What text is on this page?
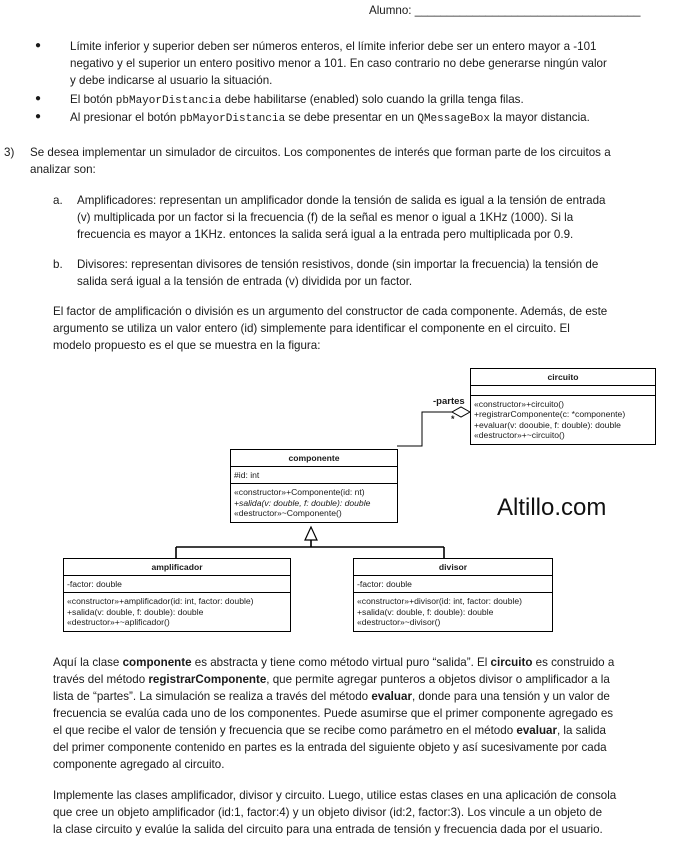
Alumno: ___________________________________
● Límite inferior y superior deben ser números enteros, el límite inferior debe ser un entero mayor a -101
negativo y el superior un entero positivo menor a 101. En caso contrario no debe generarse ningún valor
y debe indicarse al usuario la situación.
● El botón pbMayorDistancia debe habilitarse (enabled) solo cuando la grilla tenga filas.
● Al presionar el botón pbMayorDistancia se debe presentar en un QMessageBox la mayor distancia.
3) Se desea implementar un simulador de circuitos. Los componentes de interés que forman parte de los circuitos a
analizar son:
a. Amplificadores: representan un amplificador donde la tensión de salida es igual a la tensión de entrada
(v) multiplicada por un factor si la frecuencia (f) de la señal es menor o igual a 1KHz (1000). Si la
frecuencia es mayor a 1KHz. entonces la salida será igual a la entrada pero multiplicada por 0.9.
b. Divisores: representan divisores de tensión resistivos, donde (sin importar la frecuencia) la tensión de
salida será igual a la tensión de entrada (v) dividida por un factor.
El factor de amplificación o división es un argumento del constructor de cada componente. Además, de este
argumento se utiliza un valor entero (id) simplemente para identificar el componente en el circuito. El
modelo propuesto es el que se muestra en la figura:
-partes
*
circuito
«constructor»+circuito()
+registrarComponente(c: *componente)
+evaluar(v: dooubie, f: double): double
«destructor»+~circuito()
componente
#id: int
«constructor»+Componente(id: nt)
+salida(v: double, f: double): double
«destructor»~Componente()	Altillo.com
amplificador
-factor: double
«constructor»+amplificador(id: int, factor: double)
+salida(v: double, f: double): double
«destructor»+~aplificador()
divisor
-factor: double
«constructor»+divisor(id: int, factor: double)
+salida(v: double, f: double): double
«destructor»~divisor()
Aquí la clase componente es abstracta y tiene como método virtual puro “salida”. El circuito es construido a
través del método registrarComponente, que permite agregar punteros a objetos divisor o amplificador a la
lista de “partes”. La simulación se realiza a través del método evaluar, donde para una tensión y un valor de
frecuencia se evalúa cada uno de los componentes. Puede asumirse que el primer componente agregado es
el que recibe el valor de tensión y frecuencia que se recibe como parámetro en el método evaluar, la salida
del primer componente contenido en partes es la entrada del siguiente objeto y así sucesivamente por cada
componente agregado al circuito.
Implemente las clases amplificador, divisor y circuito. Luego, utilice estas clases en una aplicación de consola
que cree un objeto amplificador (id:1, factor:4) y un objeto divisor (id:2, factor:3). Los vincule a un objeto de
la clase circuito y evalúe la salida del circuito para una entrada de tensión y frecuencia dada por el usuario.
